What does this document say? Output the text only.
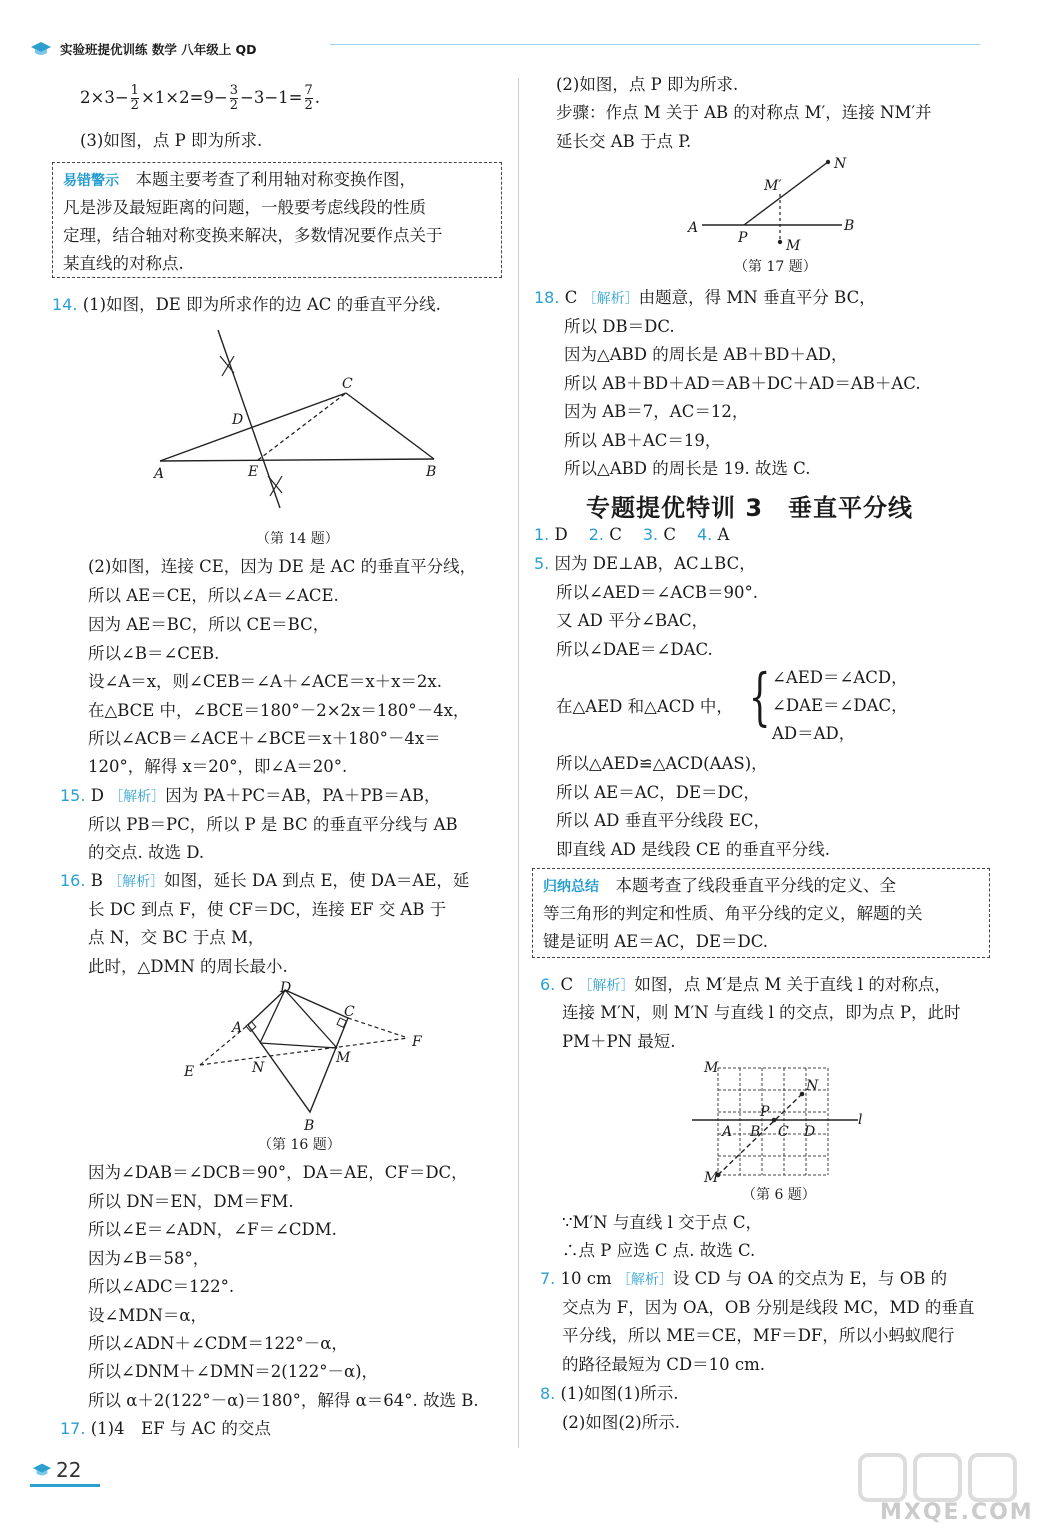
实验班提优训练 数学 八年级上 QD
$2\times 3- \frac{1}{2} \times 1\times 2=9- \frac{3}{2} -3-1= \frac{7}{2}$ .
(3)如图，点 P 即为所求.
易错警示　 本题主要考查了利用轴对称变换作图，
凡是涉及最短距离的问题，一般要考虑线段的性质
定理，结合轴对称变换来解决，多数情况要作点关于
某直线的对称点.
14. (1)如图，DE 即为所求作的边 AC 的垂直平分线.
A	B
C
D
E
（第 14 题）
(2)如图，连接 CE，因为 DE 是 AC 的垂直平分线，
所以 AE＝CE，所以∠A＝∠ACE.
因为 AE＝BC，所以 CE＝BC，
所以∠B＝∠CEB.
设∠A＝x，则∠CEB＝∠A＋∠ACE＝x＋x＝2x.
在△BCE 中，∠BCE＝180°－2×2x＝180°－4x，
所以∠ACB＝∠ACE＋∠BCE＝x＋180°－4x＝
120°，解得 x＝20°，即∠A＝20°.
15. D ［解析］因为 PA＋PC＝AB，PA＋PB＝AB，
所以 PB＝PC，所以 P 是 BC 的垂直平分线与 AB
的交点. 故选 D.
16. B ［解析］如图，延长 DA 到点 E，使 DA＝AE，延
长 DC 到点 F，使 CF＝DC，连接 EF 交 AB 于
点 N，交 BC 于点 M，
此时，△DMN 的周长最小.
D
A
C
F
E	N
M
B
（第 16 题）
因为∠DAB＝∠DCB＝90°，DA＝AE，CF＝DC，
所以 DN＝EN，DM＝FM.
所以∠E＝∠ADN，∠F＝∠CDM.
因为∠B＝58°，
所以∠ADC＝122°.
设∠MDN＝α，
所以∠ADN＋∠CDM＝122°－α，
所以∠DNM＋∠DMN＝2(122°－α)，
所以 α＋2(122°－α)＝180°，解得 α＝64°. 故选 B.
17. (1)4　EF 与 AC 的交点
(2)如图，点 P 即为所求.
步骤：作点 M 关于 AB 的对称点 M′，连接 NM′并
延长交 AB 于点 P.
A	B
P	M
M′
N
（第 17 题）
18. C ［解析］由题意，得 MN 垂直平分 BC，
所以 DB＝DC.
因为△ABD 的周长是 AB＋BD＋AD，
所以 AB＋BD＋AD＝AB＋DC＋AD＝AB＋AC.
因为 AB＝7，AC＝12，
所以 AB＋AC＝19，
所以△ABD 的周长是 19. 故选 C.
专题提优特训 3　垂直平分线
1. D 2. C 3. C 4. A
5. 因为 DE⊥AB，AC⊥BC，
所以∠AED＝∠ACB＝90°.
又 AD 平分∠BAC，
所以∠DAE＝∠DAC.
在△AED 和△ACD 中， { ∠AED＝∠ACD，
∠DAE＝∠DAC，
AD＝AD，
所以△AED≌△ACD(AAS)，
所以 AE＝AC，DE＝DC，
所以 AD 垂直平分线段 EC，
即直线 AD 是线段 CE 的垂直平分线.
归纳总结　 本题考查了线段垂直平分线的定义、全
等三角形的判定和性质、角平分线的定义，解题的关
键是证明 AE＝AC，DE＝DC.
6. C ［解析］如图，点 M′是点 M 关于直线 l 的对称点，
连接 M′N，则 M′N 与直线 l 的交点，即为点 P，此时
PM＋PN 最短.
M
M′
N
P
A B C D
l
（第 6 题）
∵M′N 与直线 l 交于点 C，
∴点 P 应选 C 点. 故选 C.
7. 10 cm ［解析］设 CD 与 OA 的交点为 E，与 OB 的
交点为 F，因为 OA，OB 分别是线段 MC，MD 的垂直
平分线，所以 ME＝CE，MF＝DF，所以小蚂蚁爬行
的路径最短为 CD＝10 cm.
8. (1)如图(1)所示.
(2)如图(2)所示.
22
MXQE.COM
